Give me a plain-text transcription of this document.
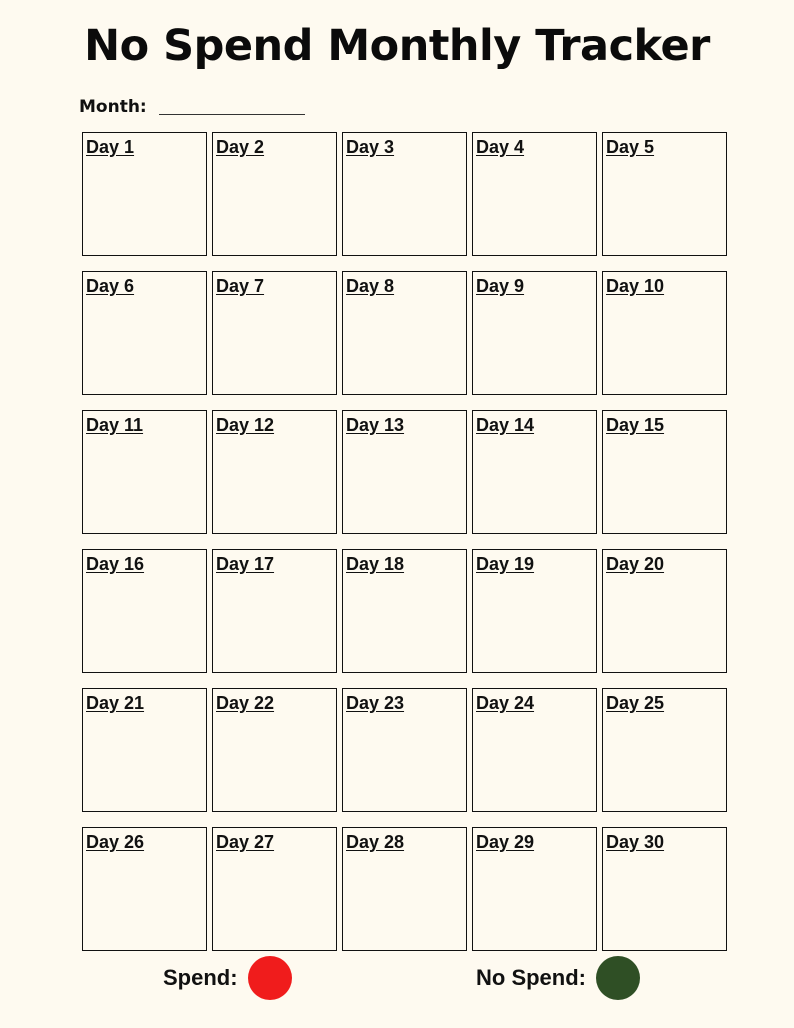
No Spend Monthly Tracker
Month:
Day 1	Day 2	Day 3	Day 4	Day 5
Day 6	Day 7	Day 8	Day 9	Day 10
Day 11	Day 12	Day 13	Day 14	Day 15
Day 16	Day 17	Day 18	Day 19	Day 20
Day 21	Day 22	Day 23	Day 24	Day 25
Day 26	Day 27	Day 28	Day 29	Day 30
Spend:	No Spend:
